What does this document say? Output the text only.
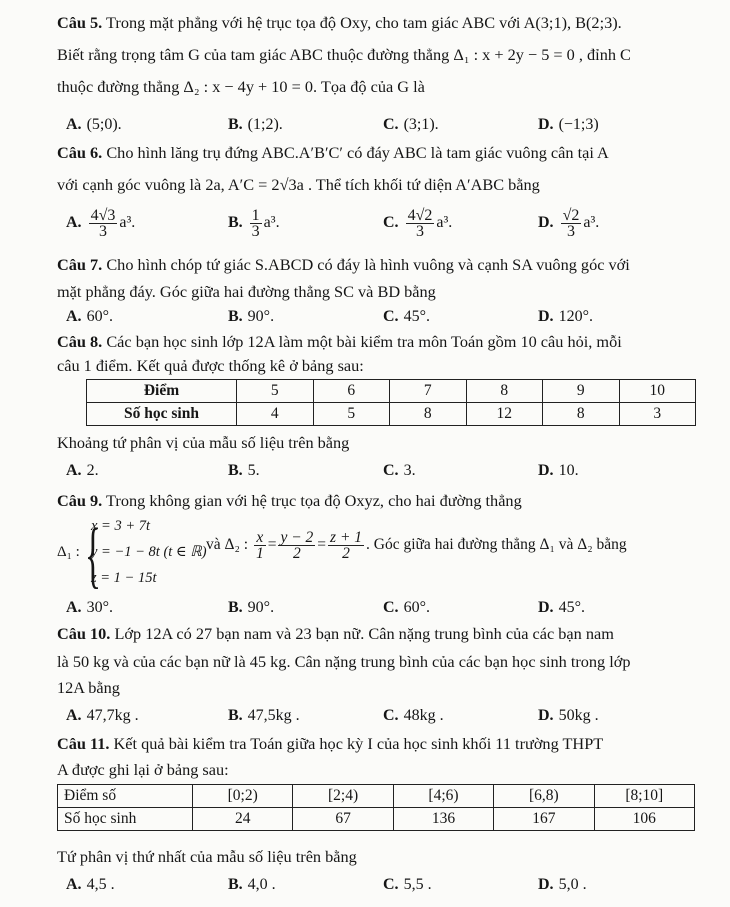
Câu 5. Trong mặt phẳng với hệ trục tọa độ Oxy, cho tam giác ABC với A(3;1), B(2;3).
Biết rằng trọng tâm G của tam giác ABC thuộc đường thẳng Δ₁ : x + 2y − 5 = 0 , đỉnh C
thuộc đường thẳng Δ₂ : x − 4y + 10 = 0. Tọa độ của G là
A. (5;0).	B. (1;2).	C. (3;1).	D. (−1;3)
Câu 6. Cho hình lăng trụ đứng ABC.A′B′C′ có đáy ABC là tam giác vuông cân tại A
với cạnh góc vuông là 2a, A′C = 2√3a . Thể tích khối tứ diện A′ABC bằng
A. $\frac{4√3}{3} a^3$.	B. $\frac{1}{3} a^3$.	C. $\frac{4√2}{3} a^3$.	D. $\frac{√2}{3} a^3$.
Câu 7. Cho hình chóp tứ giác S.ABCD có đáy là hình vuông và cạnh SA vuông góc với
mặt phẳng đáy. Góc giữa hai đường thẳng SC và BD bằng
A. 60°.	B. 90°.	C. 45°.	D. 120°.
Câu 8. Các bạn học sinh lớp 12A làm một bài kiểm tra môn Toán gồm 10 câu hỏi, mỗi
câu 1 điểm. Kết quả được thống kê ở bảng sau:
Điểm	5	6	7	8	9	10
Số học sinh	4	5	8	12	8	3
Khoảng tứ phân vị của mẫu số liệu trên bằng
A. 2.	B. 5.	C. 3.	D. 10.
Câu 9. Trong không gian với hệ trục tọa độ Oxyz, cho hai đường thẳng
Δ₁ : {
x = 3 + 7t
y = −1 − 8t (t ∈ ℝ)
z = 1 − 15t
và Δ₂ : $\frac{x}{1} = \frac{y - 2}{2} = \frac{z + 1}{2}$ . Góc giữa hai đường thẳng Δ₁ và Δ₂ bằng
A. 30°.	B. 90°.	C. 60°.	D. 45°.
Câu 10. Lớp 12A có 27 bạn nam và 23 bạn nữ. Cân nặng trung bình của các bạn nam
là 50 kg và của các bạn nữ là 45 kg. Cân nặng trung bình của các bạn học sinh trong lớp
12A bằng
A. 47,7kg .	B. 47,5kg .	C. 48kg .	D. 50kg .
Câu 11. Kết quả bài kiểm tra Toán giữa học kỳ I của học sinh khối 11 trường THPT
A được ghi lại ở bảng sau:
Điểm số	[0;2)	[2;4)	[4;6)	[6,8)	[8;10]
Số học sinh	24	67	136	167	106
Tứ phân vị thứ nhất của mẫu số liệu trên bằng
A. 4,5 .	B. 4,0 .	C. 5,5 .	D. 5,0 .
